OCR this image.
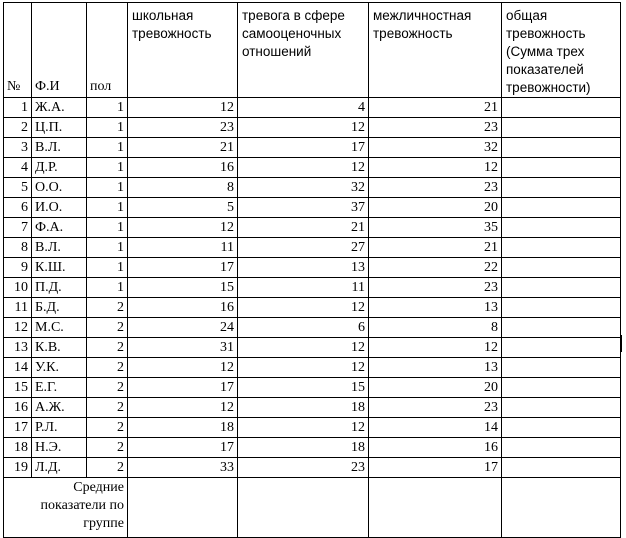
№	Ф.И	пол	школьная тревожность	тревога в сфере самооценочных отношений	межличностная тревожность	общая тревожность (Сумма трех показателей тревожности)
1	Ж.А.	1	12	4	21	
2	Ц.П.	1	23	12	23	
3	В.Л.	1	21	17	32	
4	Д.Р.	1	16	12	12	
5	О.О.	1	8	32	23	
6	И.О.	1	5	37	20	
7	Ф.А.	1	12	21	35	
8	В.Л.	1	11	27	21	
9	К.Ш.	1	17	13	22	
10	П.Д.	1	15	11	23	
11	Б.Д.	2	16	12	13	
12	М.С.	2	24	6	8	
13	К.В.	2	31	12	12	
14	У.К.	2	12	12	13	
15	Е.Г.	2	17	15	20	
16	А.Ж.	2	12	18	23	
17	Р.Л.	2	18	12	14	
18	Н.Э.	2	17	18	16	
19	Л.Д.	2	33	23	17	
Средние показатели по группе						
